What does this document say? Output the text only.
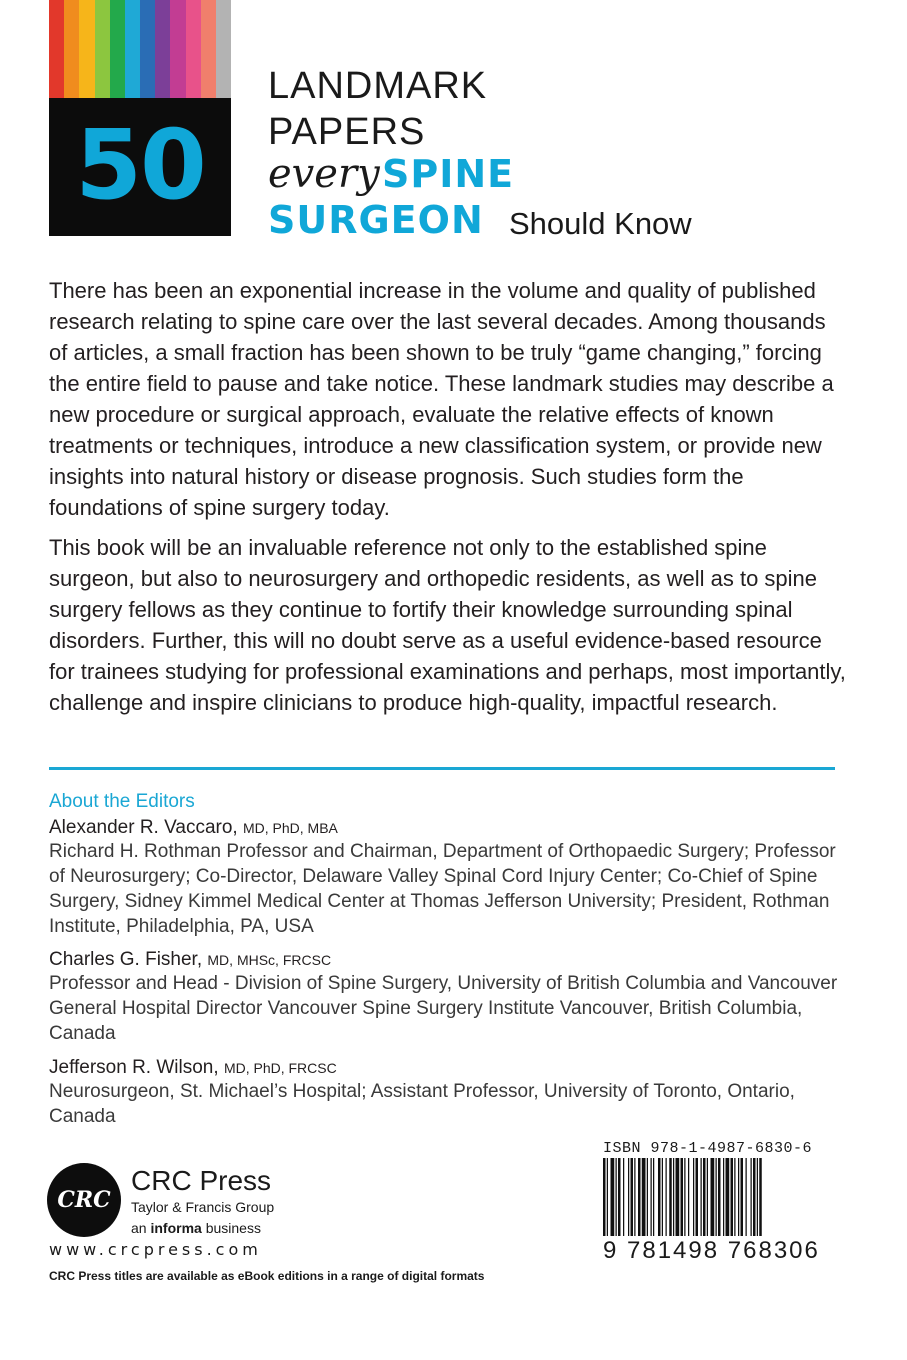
50
LANDMARK
PAPERS
every SPINE
SURGEON Should Know

There has been an exponential increase in the volume and quality of published research relating to spine care over the last several decades. Among thousands of articles, a small fraction has been shown to be truly “game changing,” forcing the entire field to pause and take notice. These landmark studies may describe a new procedure or surgical approach, evaluate the relative effects of known treatments or techniques, introduce a new classification system, or provide new insights into natural history or disease prognosis. Such studies form the foundations of spine surgery today.

This book will be an invaluable reference not only to the established spine surgeon, but also to neurosurgery and orthopedic residents, as well as to spine surgery fellows as they continue to fortify their knowledge surrounding spinal disorders. Further, this will no doubt serve as a useful evidence-based resource for trainees studying for professional examinations and perhaps, most importantly, challenge and inspire clinicians to produce high-quality, impactful research.

About the Editors
Alexander R. Vaccaro, MD, PhD, MBA

Richard H. Rothman Professor and Chairman, Department of Orthopaedic Surgery; Professor of Neurosurgery; Co-Director, Delaware Valley Spinal Cord Injury Center; Co-Chief of Spine Surgery, Sidney Kimmel Medical Center at Thomas Jefferson University; President, Rothman Institute, Philadelphia, PA, USA

Charles G. Fisher, MD, MHSc, FRCSC

Professor and Head - Division of Spine Surgery, University of British Columbia and Vancouver General Hospital Director Vancouver Spine Surgery Institute Vancouver, British Columbia, Canada

Jefferson R. Wilson, MD, PhD, FRCSC

Neurosurgeon, St. Michael’s Hospital; Assistant Professor, University of Toronto, Ontario, Canada

CRC
CRC Press
Taylor & Francis Group
an informa business
www.crcpress.com
CRC Press titles are available as eBook editions in a range of digital formats
ISBN 978-1-4987-6830-6
9 781498 768306
